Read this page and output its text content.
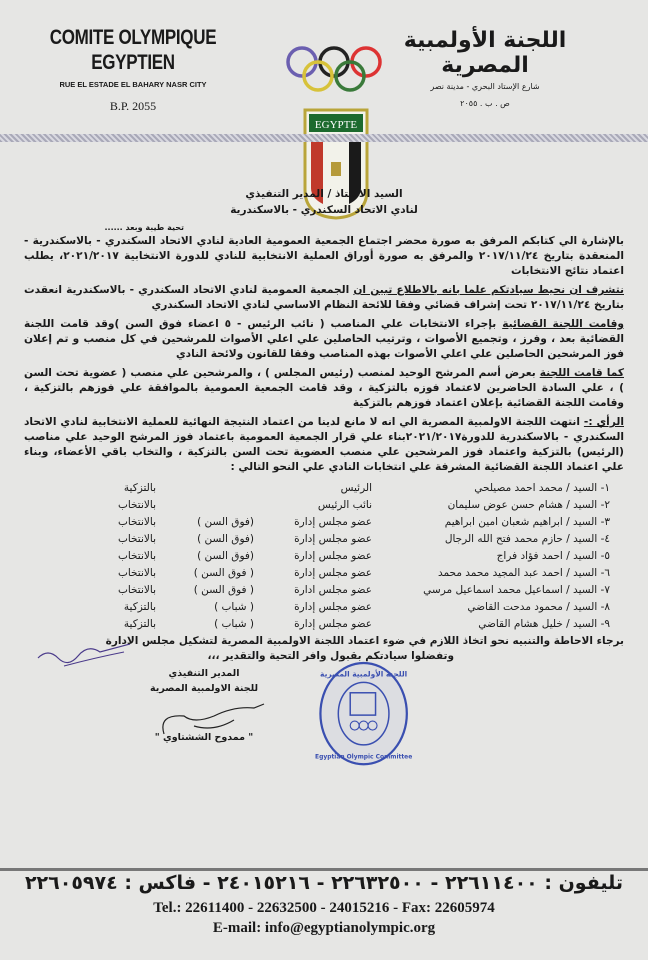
COMITE OLYMPIQUE EGYPTIEN
RUE EL ESTADE EL BAHARY NASR CITY
B.P. 2055
EGYPTE
اللجنة الأولمبية المصرية
شارع الإستاد البحري - مدينة نصر
ص . ب . ٢٠٥٥
السيد الاستاذ / المدير التنفيذي
لنادي الاتحاد السكندري - بالاسكندرية
تحية طيبة وبعد ......

بالإشارة الي كتابكم المرفق به صورة محضر اجتماع الجمعية العمومية العادية لنادي الاتحاد السكندري - بالاسكندرية - المنعقدة بتاريخ ٢٠١٧/١١/٢٤ والمرفق به صورة أوراق العملية الانتخابية للنادي للدورة الانتخابية ٢٠٢١/٢٠١٧، يطلب اعتماد نتائج الانتخابات

نتشرف ان نحيط سيادتكم علما بانه بالاطلاع تبين ان الجمعية العمومية لنادي الاتحاد السكندري - بالاسكندرية انعقدت بتاريخ ٢٠١٧/١١/٢٤ تحت إشراف قضائي وفقا للائحة النظام الاساسي لنادي الاتحاد السكندري

وقامت اللجنة القضائية بإجراء الانتخابات علي المناصب ( نائب الرئيس - ٥ اعضاء فوق السن )وقد قامت اللجنة القضائية بعد ، وفرز ، وتجميع الأصوات ، وترتيب الحاصلين علي اعلي الأصوات للمرشحين في كل منصب و تم إعلان فوز المرشحين الحاصلين علي اعلي الأصوات بهذه المناصب وفقا للقانون ولائحة النادي

كما قامت اللجنة بعرض أسم المرشح الوحيد لمنصب (رئيس المجلس ) ، والمرشحين علي منصب ( عضوية تحت السن ) ، علي السادة الحاضرين لاعتماد فوزه بالتزكية ، وقد قامت الجمعية العمومية بالموافقة علي فوزهم بالتزكية ، وقامت اللجنة القضائية بإعلان اعتماد فوزهم بالتزكية

الرأي :- انتهت اللجنة الاولمبية المصرية الي انه لا مانع لدينا من اعتماد النتيجة النهائية للعملية الانتخابية لنادي الاتحاد السكندري - بالاسكندرية للدورة٢٠٢١/٢٠١٧بناء علي قرار الجمعية العمومية باعتماد فوز المرشح الوحيد علي مناصب (الرئيس) بالتزكية واعتماد فوز المرشحين علي منصب العضوية تحت السن بالتزكية ، والتخاب باقي الأعضاء، وبناء علي اعتماد اللجنة القضائية المشرفة علي انتخابات النادي علي النحو التالي :

١- السيد / محمد احمد مصيلحي	الرئيس		بالتزكية
٢- السيد / هشام حسن عوض سليمان	نائب الرئيس		بالانتخاب
٣- السيد / ابراهيم شعبان امين ابراهيم	عضو مجلس إدارة	(فوق السن )	بالانتخاب
٤- السيد / حازم محمد فتح الله الرجال	عضو مجلس إدارة	(فوق السن )	بالانتخاب
٥- السيد / احمد فؤاد فراج	عضو مجلس إدارة	(فوق السن )	بالانتخاب
٦- السيد / احمد عبد المجيد محمد محمد	عضو مجلس إدارة	( فوق السن )	بالانتخاب
٧- السيد / اسماعيل محمد اسماعيل مرسي	عضو مجلس ادارة	( فوق السن )	بالانتخاب
٨- السيد / محمود مدحت القاضي	عضو مجلس إدارة	( شباب )	بالتزكية
٩- السيد / خليل هشام القاضي	عضو مجلس إدارة	( شباب )	بالتزكية
برجاء الاحاطة والتنبيه نحو اتخاذ اللازم في ضوء اعتماد اللجنة الاولمبية المصرية لتشكيل مجلس الادارة
وتفضلوا سيادتكم بقبول وافر التحية والتقدير ،،،
المدير التنفيذي
للجنة الاولمبية المصرية
" ممدوح الششتاوي "
اللجنة الأولمبية المصرية
Egyptian Olympic Committee
تليفون : ٢٢٦١١٤٠٠ - ٢٢٦٣٢٥٠٠ - ٢٤٠١٥٢١٦ - فاكس : ٢٢٦٠٥٩٧٤
Tel.: 22611400 - 22632500 - 24015216 - Fax: 22605974
E-mail: info@egyptianolympic.org
